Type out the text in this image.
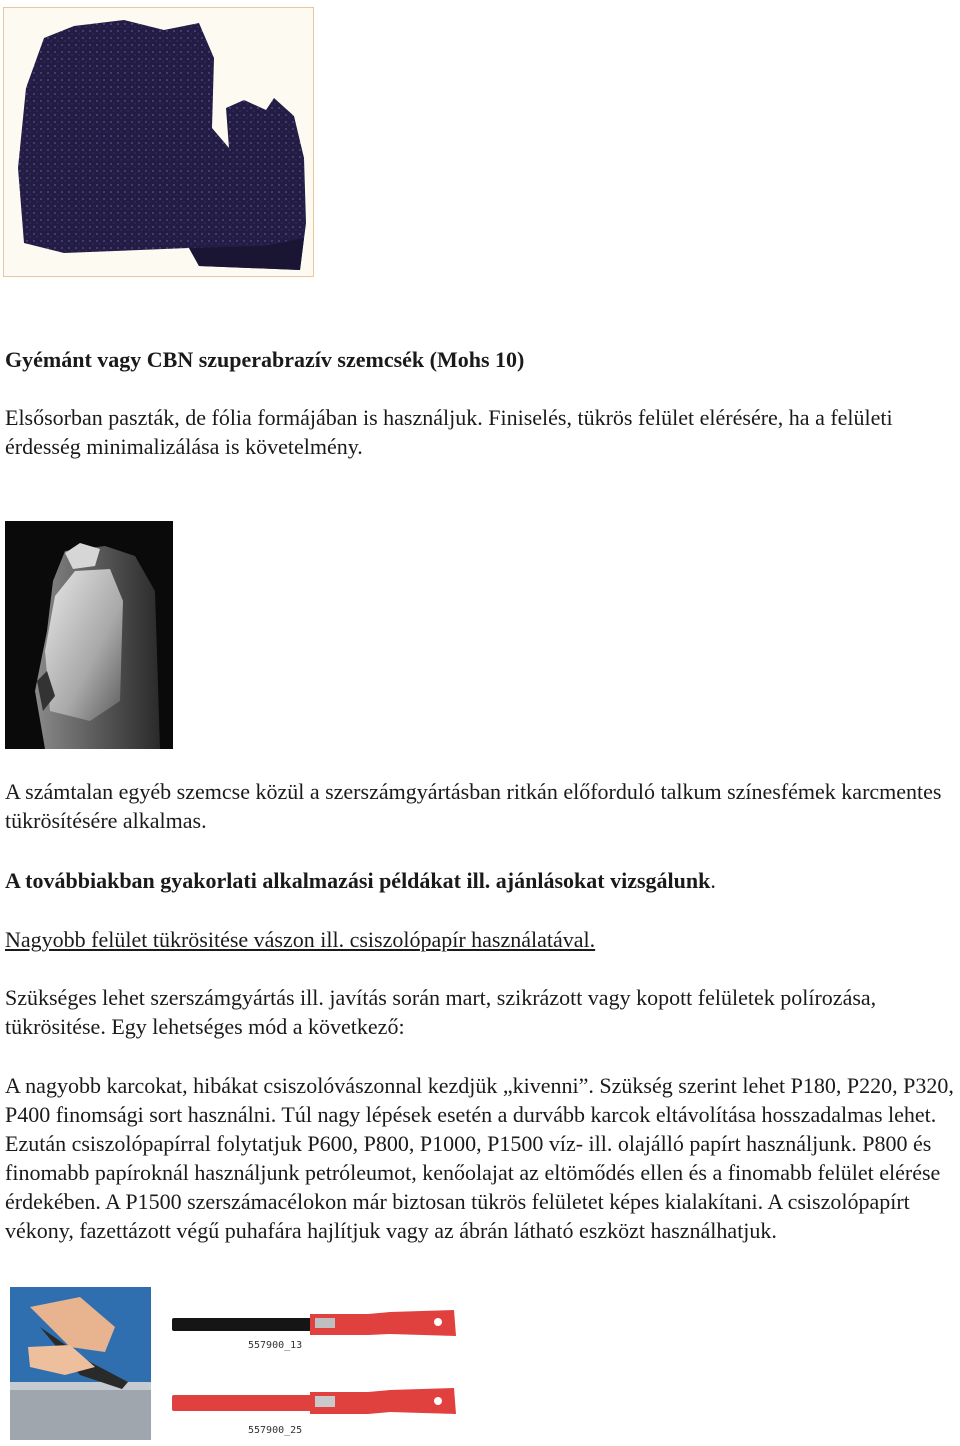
Gyémánt vagy CBN szuperabrazív szemcsék (Mohs 10)

Elsősorban paszták, de fólia formájában is használjuk. Finiselés, tükrös felület elérésére, ha a felületi érdesség minimalizálása is követelmény.

A számtalan egyéb szemcse közül a szerszámgyártásban ritkán előforduló talkum színesfémek karcmentes tükrösítésére alkalmas.

A továbbiakban gyakorlati alkalmazási példákat ill. ajánlásokat vizsgálunk.

Nagyobb felület tükrösitése vászon ill. csiszolópapír használatával.

Szükséges lehet szerszámgyártás ill. javítás során mart, szikrázott vagy kopott felületek polírozása, tükrösitése. Egy lehetséges mód a következő:

A nagyobb karcokat, hibákat csiszolóvászonnal kezdjük „kivenni”. Szükség szerint lehet P180, P220, P320, P400 finomsági sort használni. Túl nagy lépések esetén a durvább karcok eltávolítása hosszadalmas lehet. Ezután csiszolópapírral folytatjuk P600, P800, P1000, P1500 víz- ill. olajálló papírt használjunk. P800 és finomabb papíroknál használjunk petróleumot, kenőolajat az eltömődés ellen és a finomabb felület elérése érdekében. A P1500 szerszámacélokon már biztosan tükrös felületet képes kialakítani. A csiszolópapírt vékony, fazettázott végű puhafára hajlítjuk vagy az ábrán látható eszközt használhatjuk.

557900_13
557900_25
